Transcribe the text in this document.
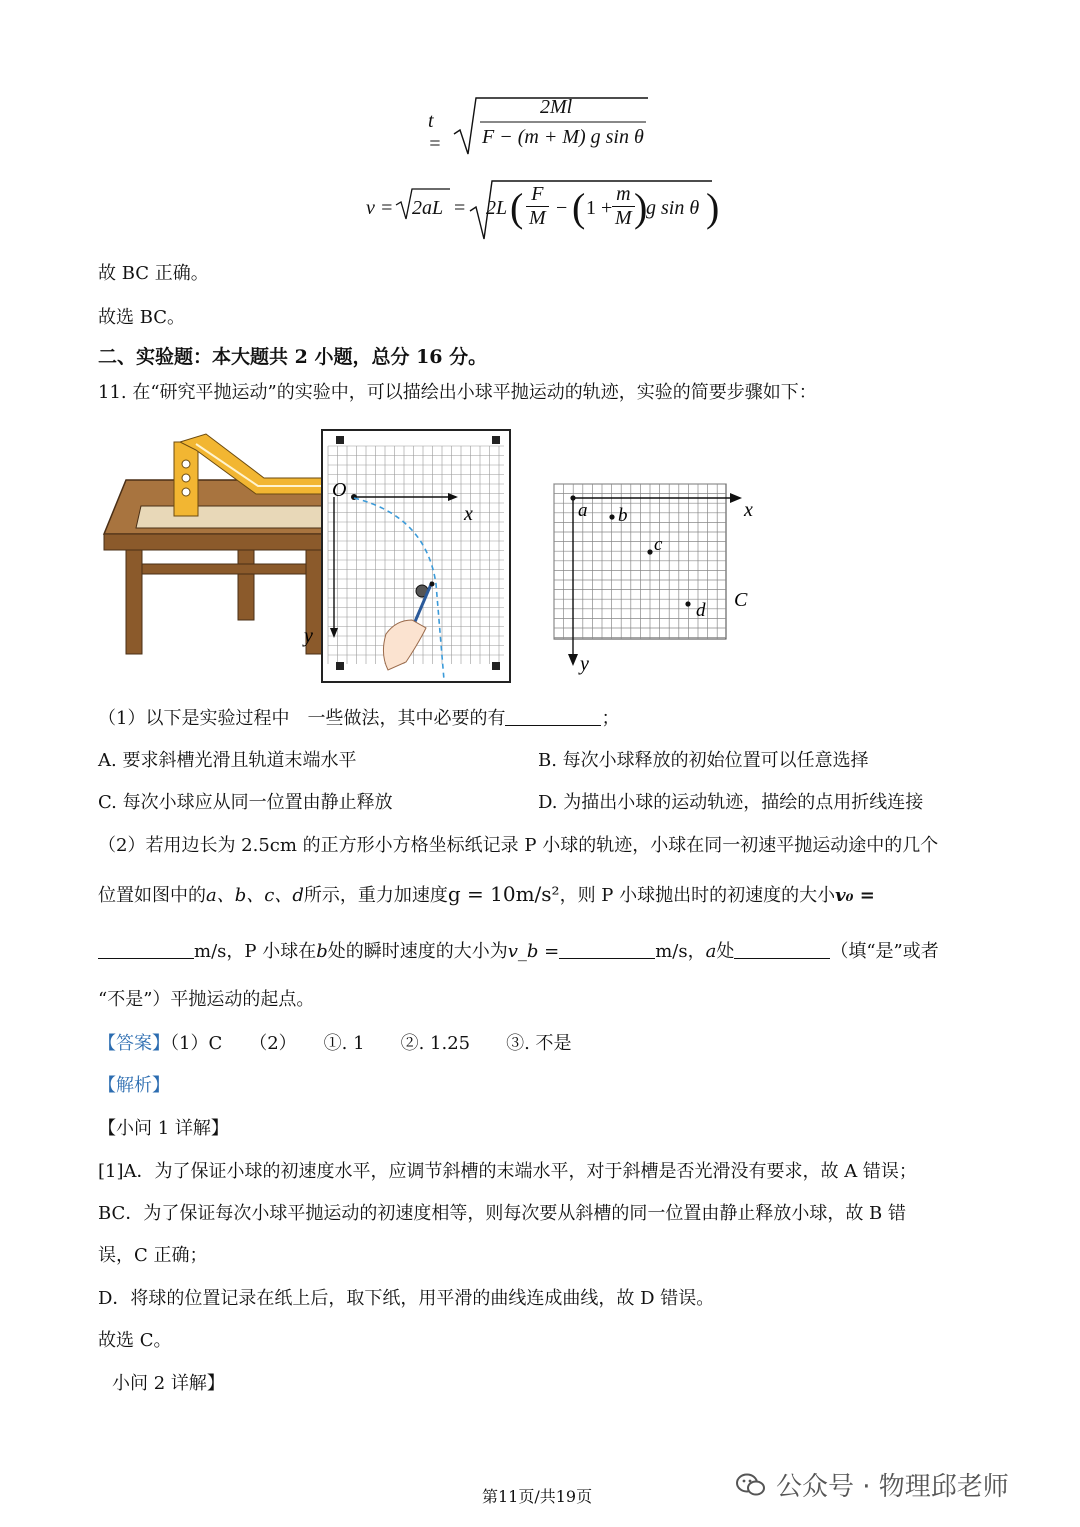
t =
2Ml
F − (m + M) g sin θ
v = 2aL = 2L ( $\frac{F}{M}$ − ( $1 + \frac{m}{M}$ )
g sin θ )
故 BC 正确。
故选 BC。
二、实验题：本大题共 2 小题，总分 16 分。
11. 在“研究平抛运动”的实验中，可以描绘出小球平抛运动的轨迹，实验的简要步骤如下：
O
x
y
a b
c
d C
x
y
（1）以下是实验过程中　一些做法，其中必要的有	；
A. 要求斜槽光滑且轨道末端水平	B. 每次小球释放的初始位置可以任意选择
C. 每次小球应从同一位置由静止释放	D. 为描出小球的运动轨迹，描绘的点用折线连接
（2）若用边长为 2.5cm 的正方形小方格坐标纸记录 P 小球的轨迹，小球在同一初速平抛运动途中的几个
位置如图中的a、b、c、d所示，重力加速度g = 10m/s²，则 P 小球抛出时的初速度的大小v₀ =
m/s，P 小球在b处的瞬时速度的大小为v_b =	m/s，a处	（填“是”或者
“不是”）平抛运动的起点。
【答案】（1）C　　（2）　　①. 1　　②. 1.25　　③. 不是
【解析】
【小问 1 详解】
[1]A．为了保证小球的初速度水平，应调节斜槽的末端水平，对于斜槽是否光滑没有要求，故 A 错误；
BC．为了保证每次小球平抛运动的初速度相等，则每次要从斜槽的同一位置由静止释放小球，故 B 错
误，C 正确；
D．将球的位置记录在纸上后，取下纸，用平滑的曲线连成曲线，故 D 错误。
故选 C。
小问 2 详解】
第11页/共19页	公众号 · 物理邱老师
